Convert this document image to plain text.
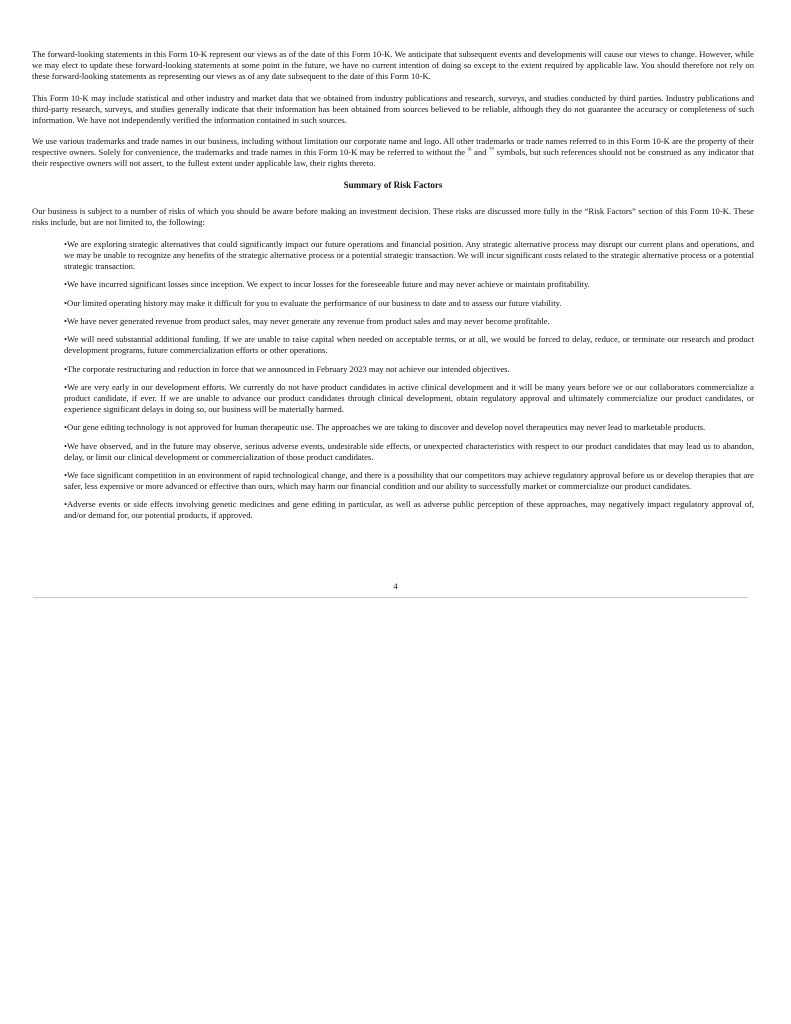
The forward-looking statements in this Form 10-K represent our views as of the date of this Form 10-K. We anticipate that subsequent events and developments will cause our views to change. However, while we may elect to update these forward-looking statements at some point in the future, we have no current intention of doing so except to the extent required by applicable law. You should therefore not rely on these forward-looking statements as representing our views as of any date subsequent to the date of this Form 10-K.

This Form 10-K may include statistical and other industry and market data that we obtained from industry publications and research, surveys, and studies conducted by third parties. Industry publications and third-party research, surveys, and studies generally indicate that their information has been obtained from sources believed to be reliable, although they do not guarantee the accuracy or completeness of such information. We have not independently verified the information contained in such sources.

We use various trademarks and trade names in our business, including without limitation our corporate name and logo. All other trademarks or trade names referred to in this Form 10-K are the property of their respective owners. Solely for convenience, the trademarks and trade names in this Form 10-K may be referred to without the ® and ™ symbols, but such references should not be construed as any indicator that their respective owners will not assert, to the fullest extent under applicable law, their rights thereto.

Summary of Risk Factors

Our business is subject to a number of risks of which you should be aware before making an investment decision. These risks are discussed more fully in the “Risk Factors” section of this Form 10-K. These risks include, but are not limited to, the following:

•We are exploring strategic alternatives that could significantly impact our future operations and financial position. Any strategic alternative process may disrupt our current plans and operations, and we may be unable to recognize any benefits of the strategic alternative process or a potential strategic transaction. We will incur significant costs related to the strategic alternative process or a potential strategic transaction.
•We have incurred significant losses since inception. We expect to incur losses for the foreseeable future and may never achieve or maintain profitability.
•Our limited operating history may make it difficult for you to evaluate the performance of our business to date and to assess our future viability.
•We have never generated revenue from product sales, may never generate any revenue from product sales and may never become profitable.
•We will need substantial additional funding. If we are unable to raise capital when needed on acceptable terms, or at all, we would be forced to delay, reduce, or terminate our research and product development programs, future commercialization efforts or other operations.
•The corporate restructuring and reduction in force that we announced in February 2023 may not achieve our intended objectives.
•We are very early in our development efforts. We currently do not have product candidates in active clinical development and it will be many years before we or our collaborators commercialize a product candidate, if ever. If we are unable to advance our product candidates through clinical development, obtain regulatory approval and ultimately commercialize our product candidates, or experience significant delays in doing so, our business will be materially harmed.
•Our gene editing technology is not approved for human therapeutic use. The approaches we are taking to discover and develop novel therapeutics may never lead to marketable products.
•We have observed, and in the future may observe, serious adverse events, undesirable side effects, or unexpected characteristics with respect to our product candidates that may lead us to abandon, delay, or limit our clinical development or commercialization of those product candidates.
•We face significant competition in an environment of rapid technological change, and there is a possibility that our competitors may achieve regulatory approval before us or develop therapies that are safer, less expensive or more advanced or effective than ours, which may harm our financial condition and our ability to successfully market or commercialize our product candidates.
•Adverse events or side effects involving genetic medicines and gene editing in particular, as well as adverse public perception of these approaches, may negatively impact regulatory approval of, and/or demand for, our potential products, if approved.
4
